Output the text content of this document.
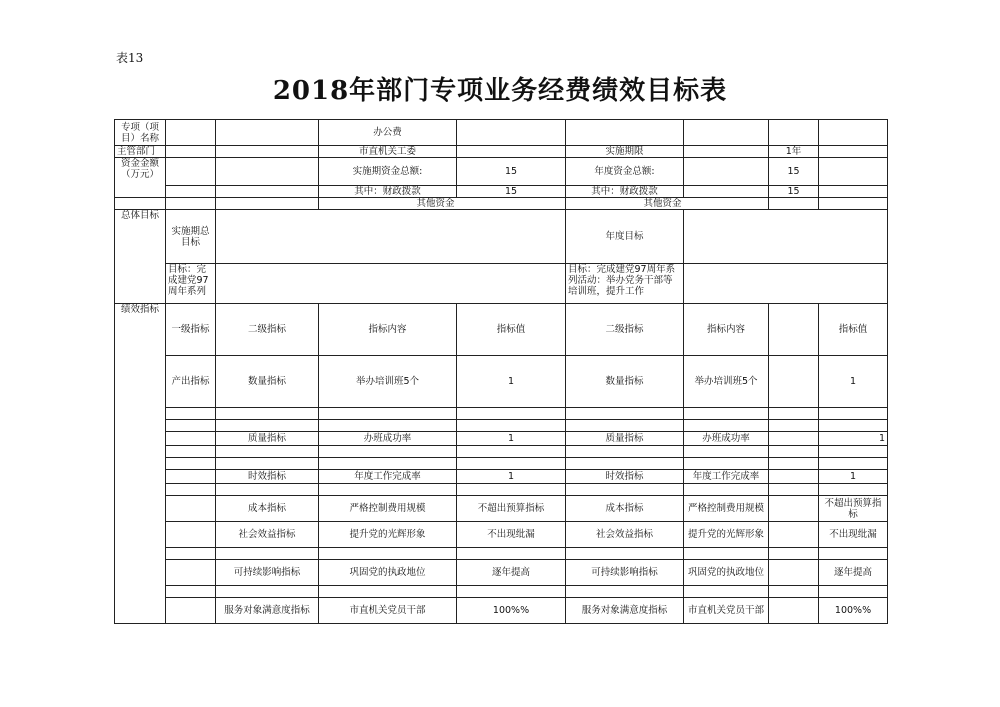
表13
2018年部门专项业务经费绩效目标表
专项（项目）名称			办公费					
主管部门			市直机关工委		实施期限		1年	
资金金额（万元）			实施期资金总额:	15	年度资金总额:		15	
			其中：财政拨款	15	其中：财政拨款		15	
			其他资金		其他资金			
总体目标	实施期总目标				年度目标			
	目标：完成建党97周年系列				目标：完成建党97周年系列活动：举办党务干部等培训班，提升工作			
绩效指标	一级指标	二级指标	指标内容	指标值	二级指标	指标内容		指标值
	产出指标	数量指标	举办培训班5个	1	数量指标	举办培训班5个		1

		质量指标	办班成功率	1	质量指标	办班成功率		1

		时效指标	年度工作完成率	1	时效指标	年度工作完成率		1

		成本指标	严格控制费用规模	不超出预算指标	成本指标	严格控制费用规模		不超出预算指标
		社会效益指标	提升党的光辉形象	不出现纰漏	社会效益指标	提升党的光辉形象		不出现纰漏

		可持续影响指标	巩固党的执政地位	逐年提高	可持续影响指标	巩固党的执政地位		逐年提高

		服务对象满意度指标	市直机关党员干部	100%%	服务对象满意度指标	市直机关党员干部		100%%
